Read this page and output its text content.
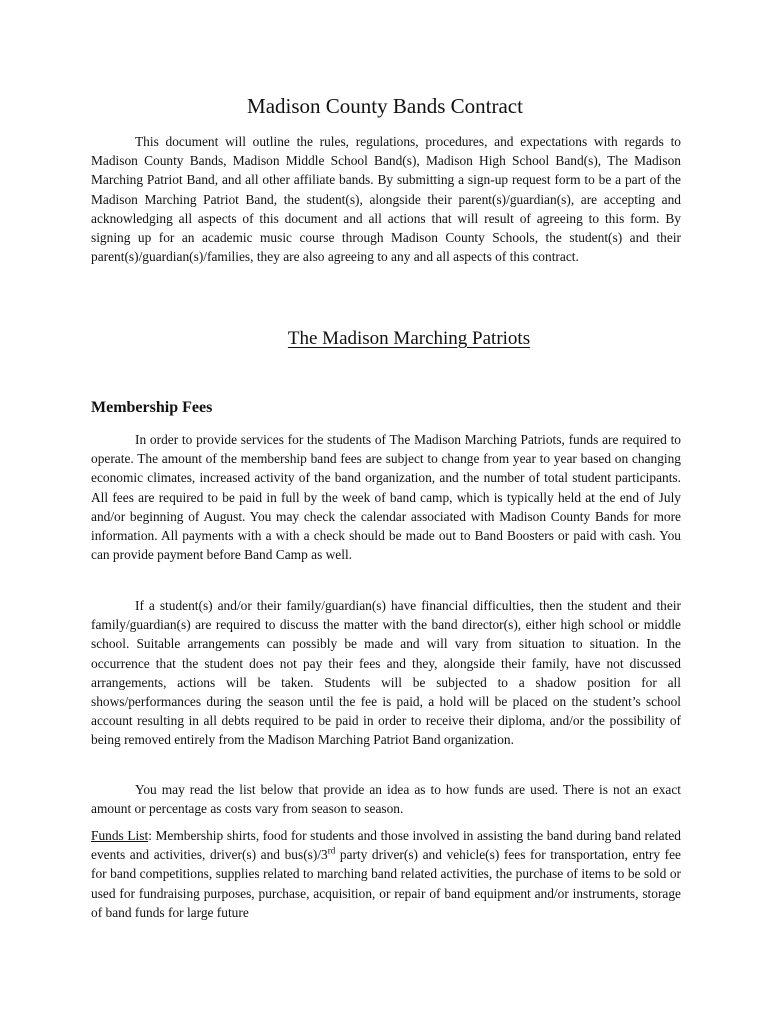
Madison County Bands Contract

This document will outline the rules, regulations, procedures, and expectations with regards to Madison County Bands, Madison Middle School Band(s), Madison High School Band(s), The Madison Marching Patriot Band, and all other affiliate bands. By submitting a sign-up request form to be a part of the Madison Marching Patriot Band, the student(s), alongside their parent(s)/guardian(s), are accepting and acknowledging all aspects of this document and all actions that will result of agreeing to this form. By signing up for an academic music course through Madison County Schools, the student(s) and their parent(s)/guardian(s)/families, they are also agreeing to any and all aspects of this contract.

The Madison Marching Patriots
Membership Fees

In order to provide services for the students of The Madison Marching Patriots, funds are required to operate. The amount of the membership band fees are subject to change from year to year based on changing economic climates, increased activity of the band organization, and the number of total student participants. All fees are required to be paid in full by the week of band camp, which is typically held at the end of July and/or beginning of August. You may check the calendar associated with Madison County Bands for more information. All payments with a with a check should be made out to Band Boosters or paid with cash. You can provide payment before Band Camp as well.

If a student(s) and/or their family/guardian(s) have financial difficulties, then the student and their family/guardian(s) are required to discuss the matter with the band director(s), either high school or middle school. Suitable arrangements can possibly be made and will vary from situation to situation. In the occurrence that the student does not pay their fees and they, alongside their family, have not discussed arrangements, actions will be taken. Students will be subjected to a shadow position for all shows/performances during the season until the fee is paid, a hold will be placed on the student’s school account resulting in all debts required to be paid in order to receive their diploma, and/or the possibility of being removed entirely from the Madison Marching Patriot Band organization.

You may read the list below that provide an idea as to how funds are used. There is not an exact amount or percentage as costs vary from season to season.

Funds List: Membership shirts, food for students and those involved in assisting the band during band related events and activities, driver(s) and bus(s)/3rd party driver(s) and vehicle(s) fees for transportation, entry fee for band competitions, supplies related to marching band related activities, the purchase of items to be sold or used for fundraising purposes, purchase, acquisition, or repair of band equipment and/or instruments, storage of band funds for large future
